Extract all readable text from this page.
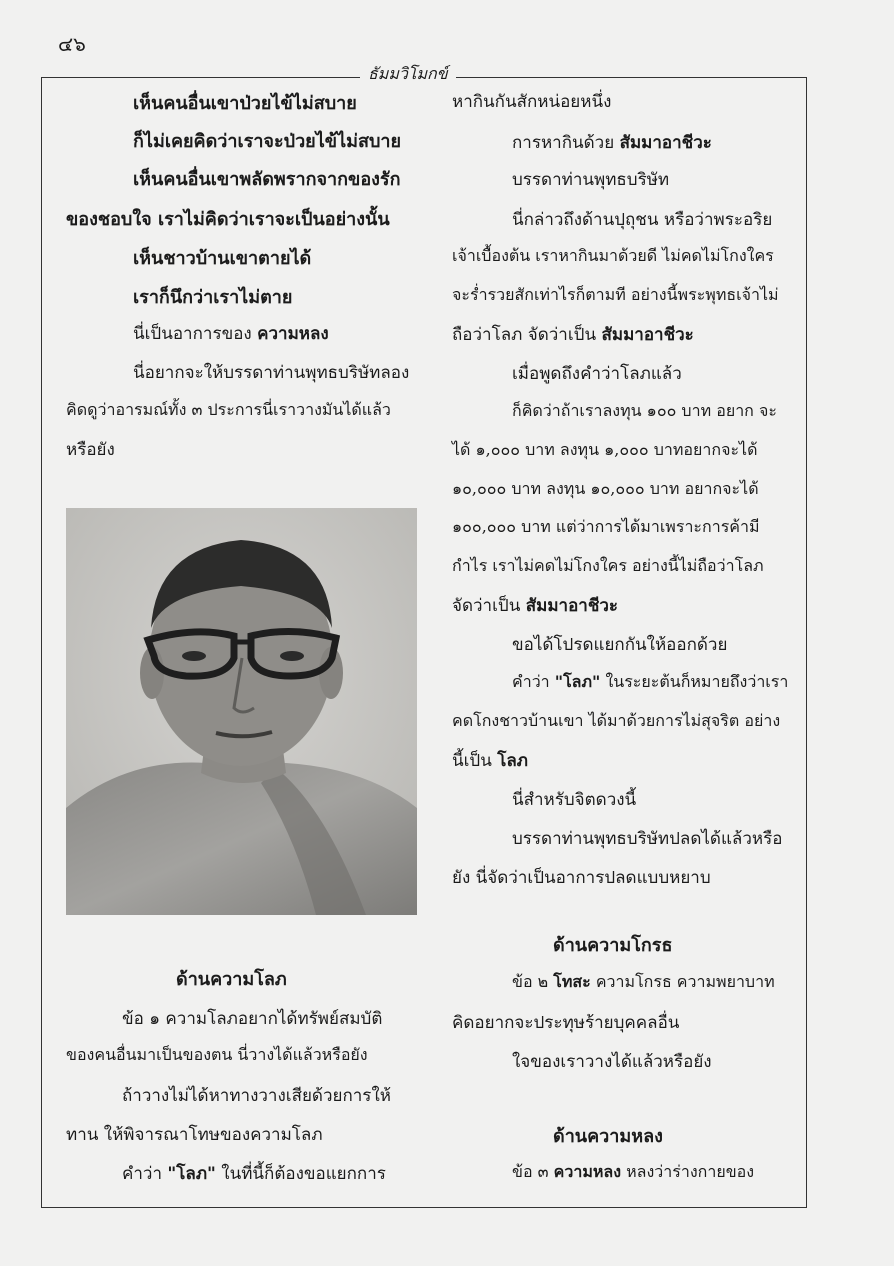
๔๖
ธัมมวิโมกข์
เห็นคนอื่นเขาป่วยไข้ไม่สบาย
ก็ไม่เคยคิดว่าเราจะป่วยไข้ไม่สบาย
เห็นคนอื่นเขาพลัดพรากจากของรัก
ของชอบใจ เราไม่คิดว่าเราจะเป็นอย่างนั้น
เห็นชาวบ้านเขาตายได้
เราก็นึกว่าเราไม่ตาย
นี่เป็นอาการของ ความหลง
นี่อยากจะให้บรรดาท่านพุทธบริษัทลอง
คิดดูว่าอารมณ์ทั้ง ๓ ประการนี่เราวางมันได้แล้ว
หรือยัง
ด้านความโลภ
ข้อ ๑ ความโลภอยากได้ทรัพย์สมบัติ
ของคนอื่นมาเป็นของตน นี่วางได้แล้วหรือยัง
ถ้าวางไม่ได้หาทางวางเสียด้วยการให้
ทาน ให้พิจารณาโทษของความโลภ
คำว่า "โลภ" ในที่นี้ก็ต้องขอแยกการ
หากินกันสักหน่อยหนึ่ง
การหากินด้วย สัมมาอาชีวะ
บรรดาท่านพุทธบริษัท
นี่กล่าวถึงด้านปุถุชน หรือว่าพระอริย
เจ้าเบื้องต้น เราหากินมาด้วยดี ไม่คดไม่โกงใคร
จะร่ำรวยสักเท่าไรก็ตามที อย่างนี้พระพุทธเจ้าไม่
ถือว่าโลภ จัดว่าเป็น สัมมาอาชีวะ
เมื่อพูดถึงคำว่าโลภแล้ว
ก็คิดว่าถ้าเราลงทุน ๑๐๐ บาท อยาก จะ
ได้ ๑,๐๐๐ บาท ลงทุน ๑,๐๐๐ บาทอยากจะได้
๑๐,๐๐๐ บาท ลงทุน ๑๐,๐๐๐ บาท อยากจะได้
๑๐๐,๐๐๐ บาท แต่ว่าการได้มาเพราะการค้ามี
กำไร เราไม่คดไม่โกงใคร อย่างนี้ไม่ถือว่าโลภ
จัดว่าเป็น สัมมาอาชีวะ
ขอได้โปรดแยกกันให้ออกด้วย
คำว่า "โลภ" ในระยะต้นก็หมายถึงว่าเรา
คดโกงชาวบ้านเขา ได้มาด้วยการไม่สุจริต อย่าง
นี้เป็น โลภ
นี่สำหรับจิตดวงนี้
บรรดาท่านพุทธบริษัทปลดได้แล้วหรือ
ยัง นี่จัดว่าเป็นอาการปลดแบบหยาบ
ด้านความโกรธ
ข้อ ๒ โทสะ ความโกรธ ความพยาบาท
คิดอยากจะประทุษร้ายบุคคลอื่น
ใจของเราวางได้แล้วหรือยัง
ด้านความหลง
ข้อ ๓ ความหลง หลงว่าร่างกายของ
